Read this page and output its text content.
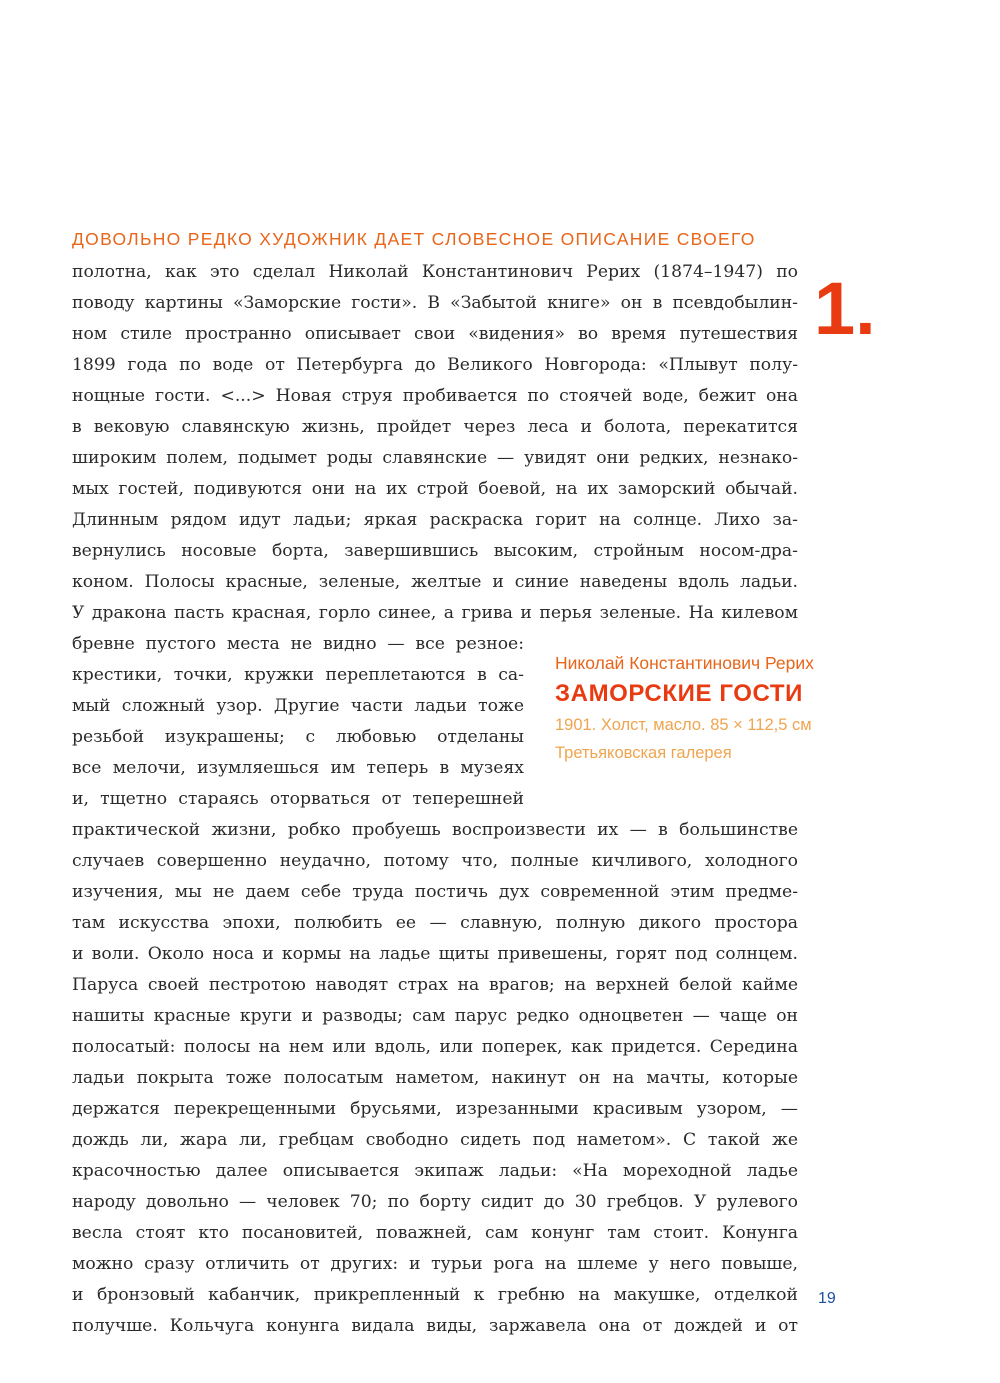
ДОВОЛЬНО РЕДКО ХУДОЖНИК ДАЕТ СЛОВЕСНОЕ ОПИСАНИЕ СВОЕГО
1.
полотна, как это сделал Николай Константинович Рерих (1874–1947) по
поводу картины «Заморские гости». В «Забытой книге» он в псевдобылин-
ном стиле пространно описывает свои «видения» во время путешествия
1899 года по воде от Петербурга до Великого Новгорода: «Плывут полу-
нощные гости. <...> Новая струя пробивается по стоячей воде, бежит она
в вековую славянскую жизнь, пройдет через леса и болота, перекатится
широким полем, подымет роды славянские — увидят они редких, незнако-
мых гостей, подивуются они на их строй боевой, на их заморский обычай.
Длинным рядом идут ладьи; яркая раскраска горит на солнце. Лихо за-
вернулись носовые борта, завершившись высоким, стройным носом-дра-
коном. Полосы красные, зеленые, желтые и синие наведены вдоль ладьи.
У дракона пасть красная, горло синее, а грива и перья зеленые. На килевом
бревне пустого места не видно — все резное:
крестики, точки, кружки переплетаются в са-
мый сложный узор. Другие части ладьи тоже
резьбой изукрашены; с любовью отделаны
все мелочи, изумляешься им теперь в музеях
и, тщетно стараясь оторваться от теперешней
практической жизни, робко пробуешь воспроизвести их — в большинстве
случаев совершенно неудачно, потому что, полные кичливого, холодного
изучения, мы не даем себе труда постичь дух современной этим предме-
там искусства эпохи, полюбить ее — славную, полную дикого простора
и воли. Около носа и кормы на ладье щиты привешены, горят под солнцем.
Паруса своей пестротою наводят страх на врагов; на верхней белой кайме
нашиты красные круги и разводы; сам парус редко одноцветен — чаще он
полосатый: полосы на нем или вдоль, или поперек, как придется. Середина
ладьи покрыта тоже полосатым наметом, накинут он на мачты, которые
держатся перекрещенными брусьями, изрезанными красивым узором, —
дождь ли, жара ли, гребцам свободно сидеть под наметом». С такой же
красочностью далее описывается экипаж ладьи: «На мореходной ладье
народу довольно — человек 70; по борту сидит до 30 гребцов. У рулевого
весла стоят кто посановитей, поважней, сам конунг там стоит. Конунга
можно сразу отличить от других: и турьи рога на шлеме у него повыше,
и бронзовый кабанчик, прикрепленный к гребню на макушке, отделкой
получше. Кольчуга конунга видала виды, заржавела она от дождей и от
Николай Константинович Рерих
ЗАМОРСКИЕ ГОСТИ
1901. Холст, масло. 85 × 112,5 см
Третьяковская галерея
19
